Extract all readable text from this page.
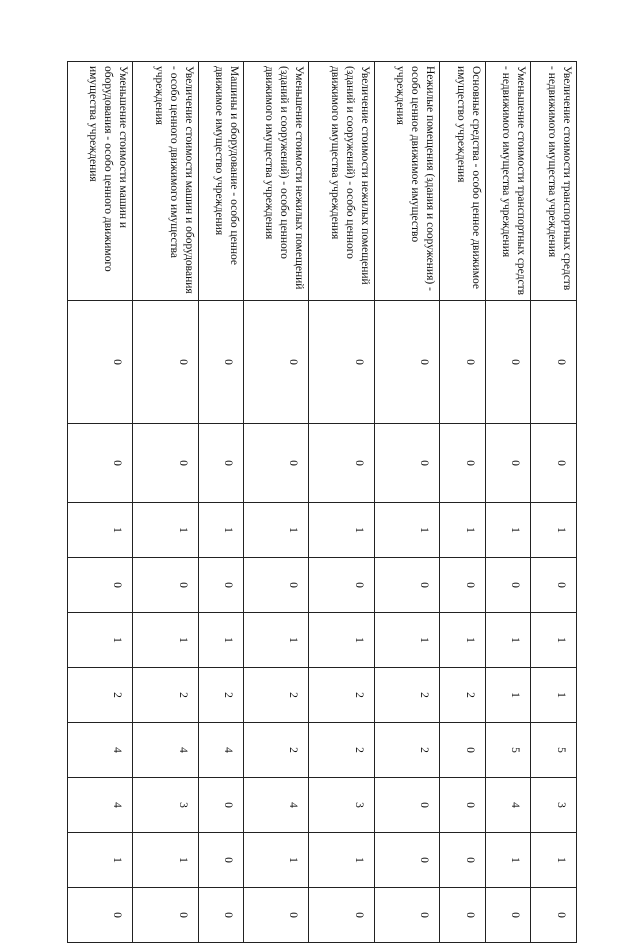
Увеличение стоимости транспортных средств - недвижимого имущества учреждения	0	0	1	0	1	1	5	3	1	0
Уменьшение стоимости транспортных средств - недвижимого имущества учреждения	0	0	1	0	1	1	5	4	1	0
Основные средства - особо ценное движимое имущество учреждения	0	0	1	0	1	2	0	0	0	0
Нежилые помещения (здания и сооружения) - особо ценное движимое имущество учреждения	0	0	1	0	1	2	2	0	0	0
Увеличение стоимости нежилых помещений (зданий и сооружений) - особо ценного движимого имущества учреждения	0	0	1	0	1	2	2	3	1	0
Уменьшение стоимости нежилых помещений (зданий и сооружений) - особо ценного движимого имущества учреждения	0	0	1	0	1	2	2	4	1	0
Машины и оборудование - особо ценное движимое имущество учреждения	0	0	1	0	1	2	4	0	0	0
Увеличение стоимости машин и оборудования - особо ценного движимого имущества учреждения	0	0	1	0	1	2	4	3	1	0
Уменьшение стоимости машин и оборудования - особо ценного движимого имущества учреждения	0	0	1	0	1	2	4	4	1	0
